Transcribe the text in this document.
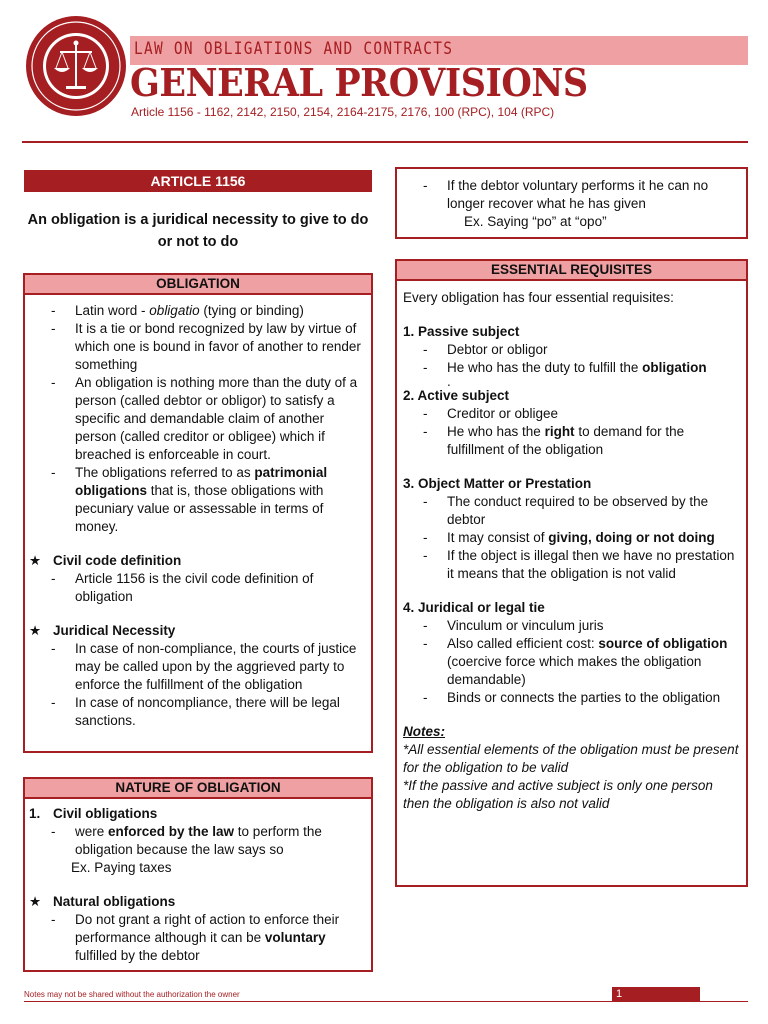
LAW ON OBLIGATIONS AND CONTRACTS
GENERAL PROVISIONS
Article 1156 - 1162, 2142, 2150, 2154, 2164-2175, 2176, 100 (RPC), 104 (RPC)
ARTICLE 1156
An obligation is a juridical necessity to give to do or not to do
OBLIGATION
- Latin word - obligatio (tying or binding)
- It is a tie or bond recognized by law by virtue of which one is bound in favor of another to render something
- An obligation is nothing more than the duty of a person (called debtor or obligor) to satisfy a specific and demandable claim of another person (called creditor or obligee) which if breached is enforceable in court.
- The obligations referred to as patrimonial obligations that is, those obligations with pecuniary value or assessable in terms of money.
★ Civil code definition
- Article 1156 is the civil code definition of obligation
★ Juridical Necessity
- In case of non-compliance, the courts of justice may be called upon by the aggrieved party to enforce the fulfillment of the obligation
- In case of noncompliance, there will be legal sanctions.
NATURE OF OBLIGATION
1. Civil obligations
- were enforced by the law to perform the obligation because the law says so
Ex. Paying taxes
★ Natural obligations
- Do not grant a right of action to enforce their performance although it can be voluntary fulfilled by the debtor
- If the debtor voluntary performs it he can no longer recover what he has given
Ex. Saying “po” at “opo”
ESSENTIAL REQUISITES
Every obligation has four essential requisites:
1. Passive subject
- Debtor or obligor
- He who has the duty to fulfill the obligation
.
2. Active subject
- Creditor or obligee
- He who has the right to demand for the fulfillment of the obligation
3. Object Matter or Prestation
- The conduct required to be observed by the debtor
- It may consist of giving, doing or not doing
- If the object is illegal then we have no prestation it means that the obligation is not valid
4. Juridical or legal tie
- Vinculum or vinculum juris
- Also called efficient cost: source of obligation (coercive force which makes the obligation demandable)
- Binds or connects the parties to the obligation
Notes:
*All essential elements of the obligation must be present for the obligation to be valid
*If the passive and active subject is only one person then the obligation is also not valid
Notes may not be shared without the authorization the owner	1
